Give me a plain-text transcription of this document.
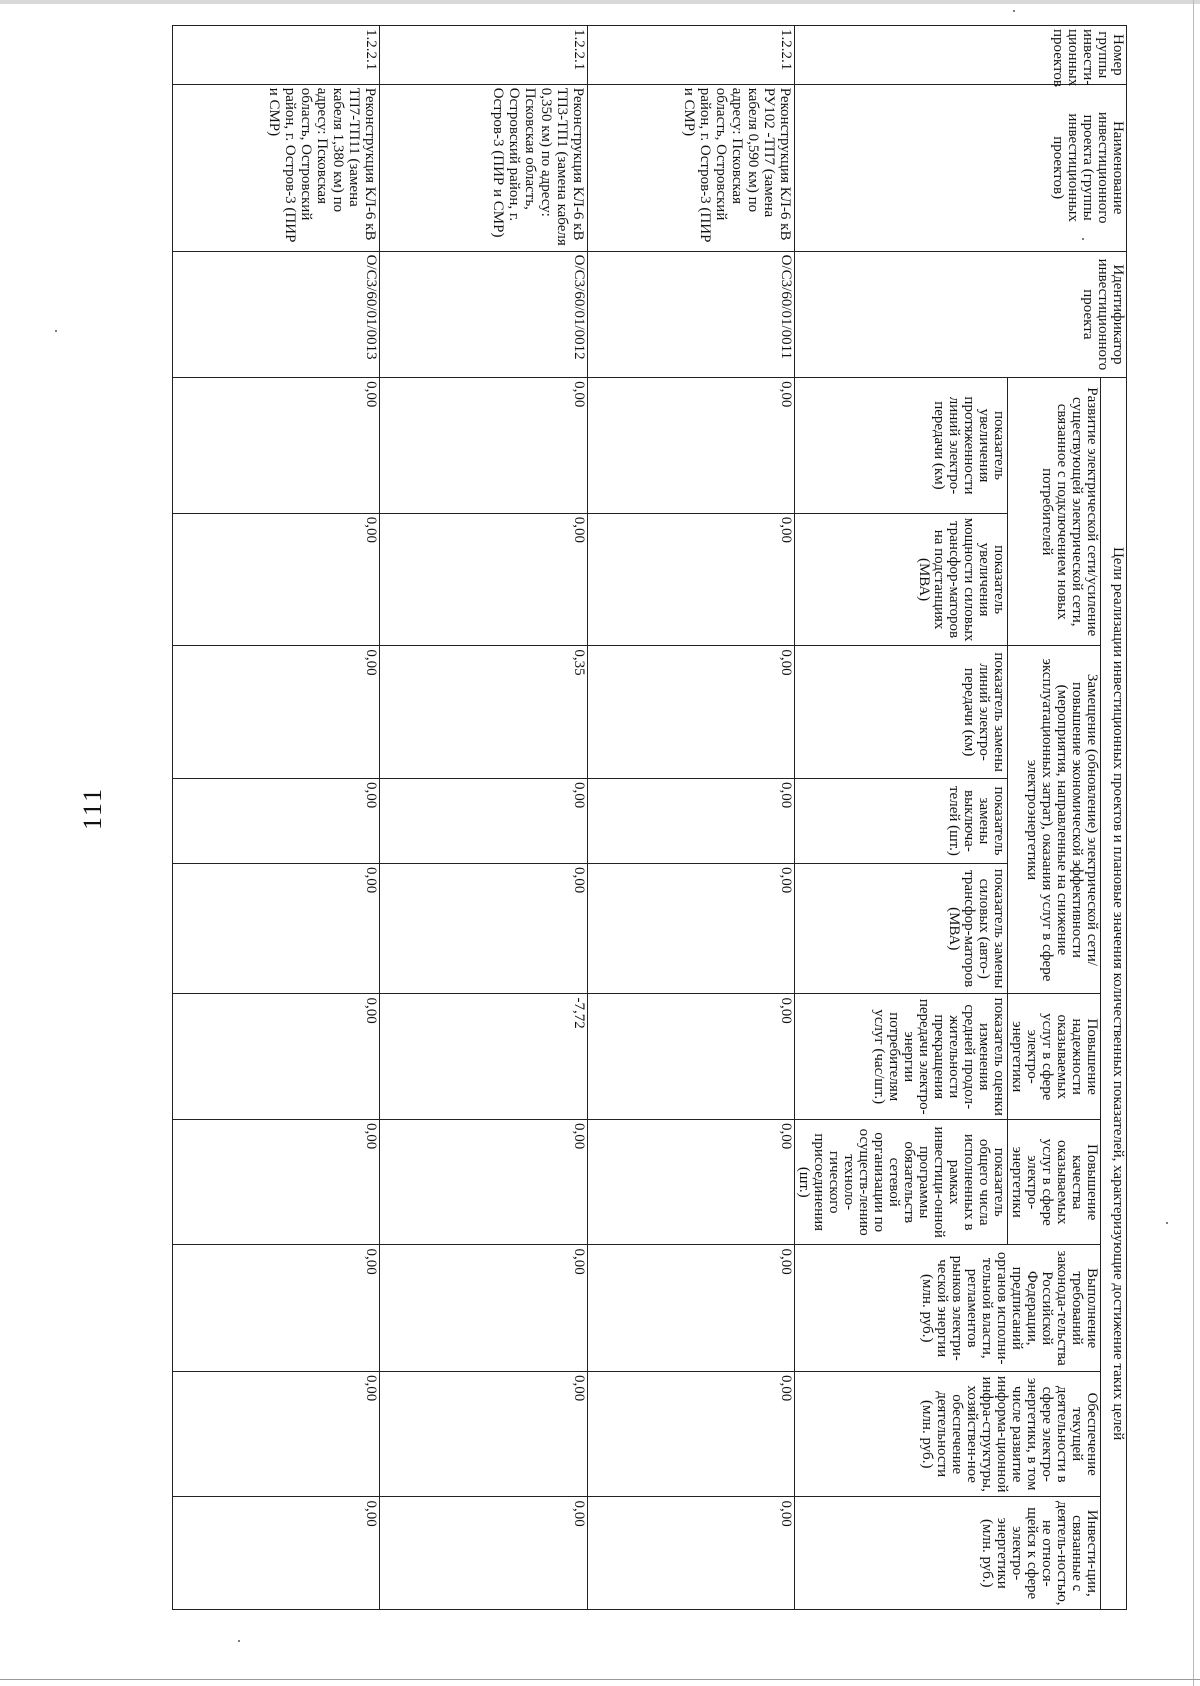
111
Номер группы инвести-ционных проектов	Наименование инвестиционного проекта (группы инвестиционных проектов)	Идентификатор инвестиционного проекта	Цели реализации инвестиционных проектов и плановые значения количественных показателей, характеризующие достижение таких целей									
			Развитие электрической сети/усиление существующей электрической сети, связанное с подключением новых потребителей		Замещение (обновление) электрической сети/повышение экономической эффективности (мероприятия, направленные на снижение эксплуатационных затрат), оказания услуг в сфере электроэнергетики			Повышение надежности оказываемых услуг в сфере электро-энергетики	Повышение качества оказываемых услуг в сфере электро-энергетики	Выполнение требований законода-тельства Российской Федерации, предписаний органов исполни-тельной власти, регламентов рынков электри-ческой энергии (млн. руб.)	Обеспечение текущей деятельности в сфере электро-энергетики, в том числе развитие информа-ционной инфра-структуры, хозяйствен-ное обеспечение деятельности (млн. руб.)	Инвести-ции, связанные с деятель-ностью, не относя-щейся к сфере электро-энергетики (млн. руб.)
			показатель увеличения протяженности линий электро-передачи (км)	показатель увеличения мощности силовых трансфор-маторов на подстанциях (МВА)	показатель замены линий электро-передачи (км)	показатель замены выключа-телей (шт.)	показатель замены силовых (авто-) трансфор-маторов (МВА)	показатель оценки изменения средней продол-жительности прекращения передачи электро-энергии потребителям услуг (час/шт.)	показатель общего числа исполненных в рамках инвестици-онной программы обязательств сетевой организации по осуществ-лению техноло-гического присоединения (шт.)			
1.2.2.1	Реконструкция КЛ-6 кВ РУ102 -ТП7 (замена кабеля 0,590 км) по адресу: Псковская область, Островский район, г. Остров-3 (ПИР и СМР)	О/С3/60/01/0011	0,00	0,00	0,00	0,00	0,00	0,00	0,00	0,00	0,00	0,00
1.2.2.1	Реконструкция КЛ-6 кВ ТП3-ТП1 (замена кабеля 0,350 км) по адресу: Псковская область, Островский район, г. Остров-3 (ПИР и СМР)	О/С3/60/01/0012	0,00	0,00	0,35	0,00	0,00	-7,72	0,00	0,00	0,00	0,00
1.2.2.1	Реконструкция КЛ-6 кВ ТП7-ТП11 (замена кабеля 1,380 км) по адресу: Псковская область, Островский район, г. Остров-3 (ПИР и СМР)	О/С3/60/01/0013	0,00	0,00	0,00	0,00	0,00	0,00	0,00	0,00	0,00	0,00
